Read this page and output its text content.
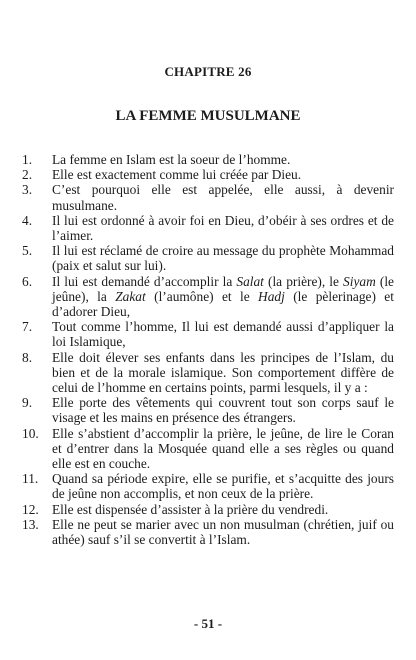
CHAPITRE 26
LA FEMME MUSULMANE
1.	La femme en Islam est la soeur de l’homme.
2.	Elle est exactement comme lui créée par Dieu.
3.	C’est pourquoi elle est appelée, elle aussi, à devenir musulmane.
4.	Il lui est ordonné à avoir foi en Dieu, d’obéir à ses ordres et de l’aimer.
5.	Il lui est réclamé de croire au message du prophète Mohammad (paix et salut sur lui).
6.	Il lui est demandé d’accomplir la Salat (la prière), le Siyam (le jeûne), la Zakat (l’aumône) et le Hadj (le pèlerinage) et d’adorer Dieu,
7.	Tout comme l’homme, Il lui est demandé aussi d’appliquer la loi Islamique,
8.	Elle doit élever ses enfants dans les principes de l’Islam, du bien et de la morale islamique. Son comportement diffère de celui de l’homme en certains points, parmi lesquels, il y a :
9.	Elle porte des vêtements qui couvrent tout son corps sauf le visage et les mains en présence des étrangers.
10. Elle s’abstient d’accomplir la prière, le jeûne, de lire le Coran et d’entrer dans la Mosquée quand elle a ses règles ou quand elle est en couche.
11.	Quand sa période expire, elle se purifie, et s’acquitte des jours de jeûne non accomplis, et non ceux de la prière.
12. Elle est dispensée d’assister à la prière du vendredi.
13. Elle ne peut se marier avec un non musulman (chrétien, juif ou athée) sauf s’il se convertit à l’Islam.
- 51 -
